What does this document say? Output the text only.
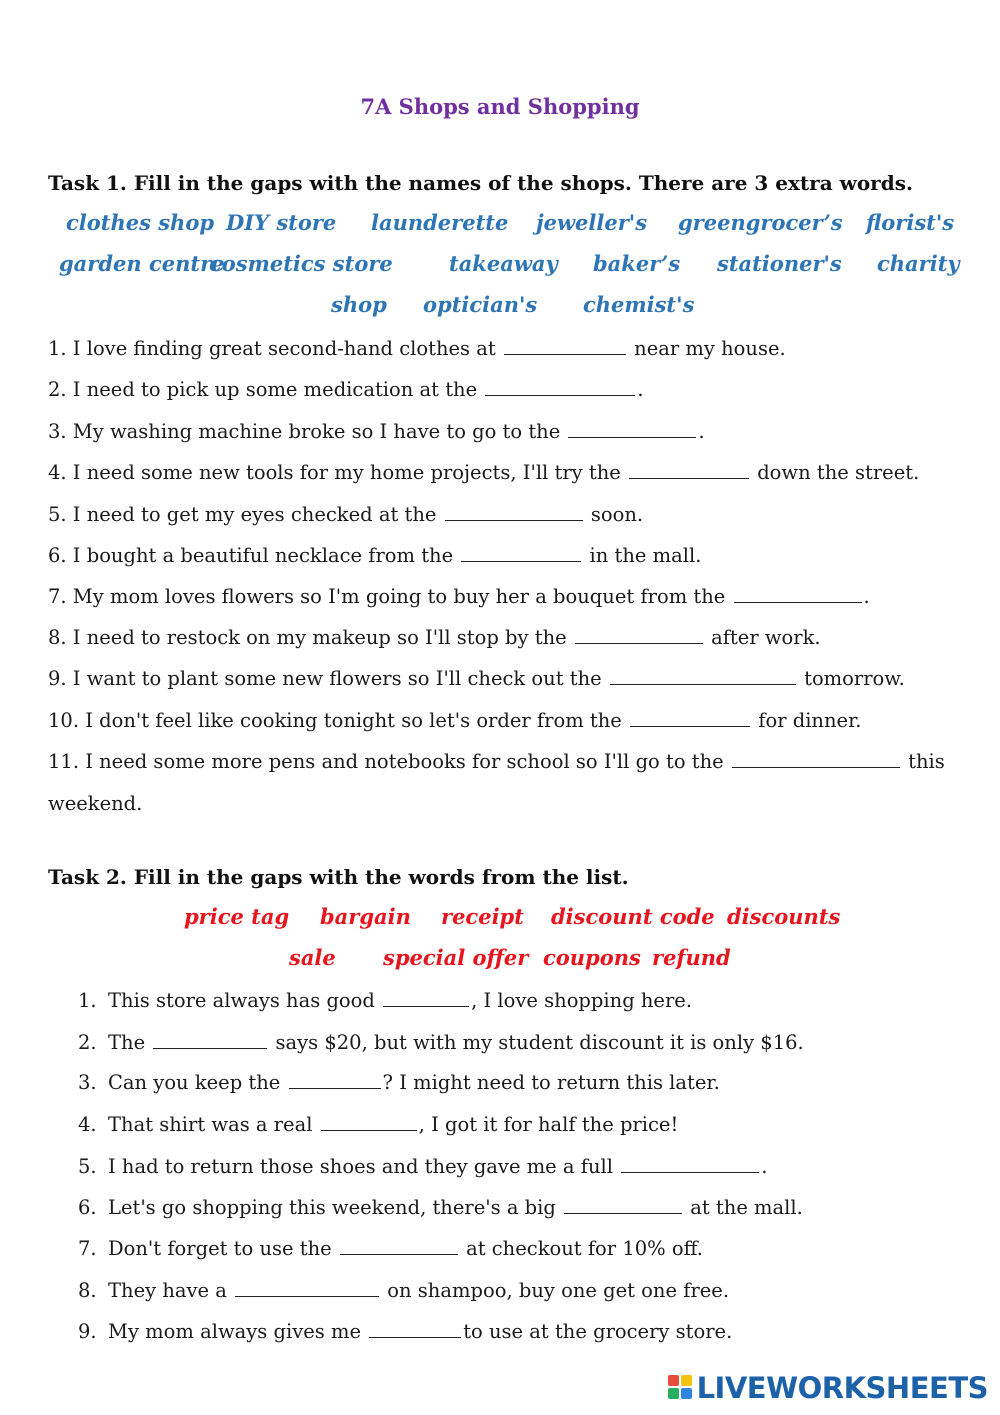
7A Shops and Shopping
Task 1. Fill in the gaps with the names of the shops. There are 3 extra words.
clothes shop DIY store launderette jeweller's greengrocer’s florist's
garden centre
cosmetics store	takeaway baker’s stationer's charity
shop optician's chemist's
1. I love finding great second-hand clothes at	near my house.
2. I need to pick up some medication at the	.
3. My washing machine broke so I have to go to the	.
4. I need some new tools for my home projects, I'll try the	down the street.
5. I need to get my eyes checked at the	soon.
6. I bought a beautiful necklace from the	in the mall.
7. My mom loves flowers so I'm going to buy her a bouquet from the	.
8. I need to restock on my makeup so I'll stop by the	after work.
9. I want to plant some new flowers so I'll check out the	tomorrow.
10. I don't feel like cooking tonight so let's order from the	for dinner.
11. I need some more pens and notebooks for school so I'll go to the	this
weekend.
Task 2. Fill in the gaps with the words from the list.
price tag bargain receipt discount code discounts
sale special offer coupons refund
1. This store always has good	, I love shopping here.
2. The	says $20, but with my student discount it is only $16.
3. Can you keep the	? I might need to return this later.
4. That shirt was a real	, I got it for half the price!
5. I had to return those shoes and they gave me a full	.
6. Let's go shopping this weekend, there's a big	at the mall.
7. Don't forget to use the	at checkout for 10% off.
8. They have a	on shampoo, buy one get one free.
9. My mom always gives me	to use at the grocery store.
LIVEWORKSHEETS
